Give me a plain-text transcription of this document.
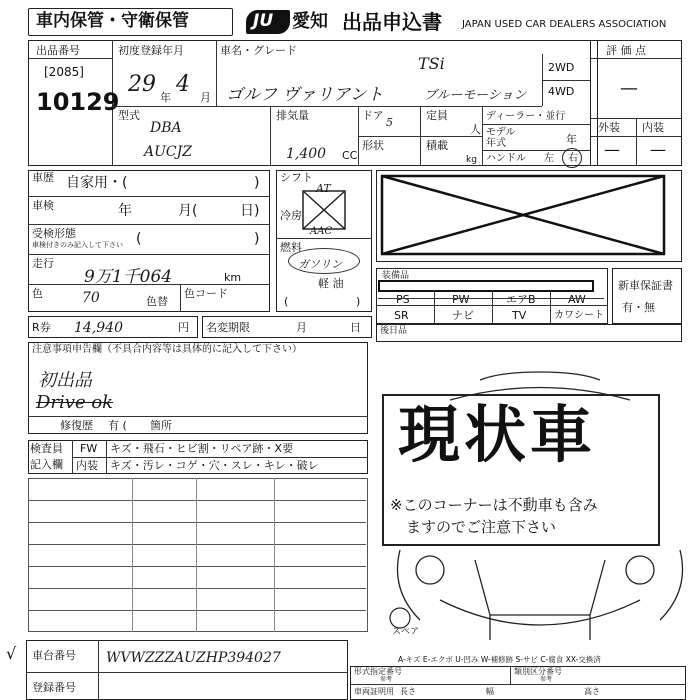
車内保管・守衛保管	JU 愛知 出品申込書 JAPAN USED CAR DEALERS ASSOCIATION
出品番号
[2085]
10129
初度登録年月
29
年
4
月
車名・グレード
TSi
ゴルフ ヴァリアント	ブルーモーション
2WD
4WD
評 価 点
—
外装 内装
— —
型式
DBA
AUCJZ
排気量
1,400 CC
ドア
5
定員
人
形状	積載
kg
ディーラー・並行
モデル
年式	年
ハンドル 左 右
車歴 自家用・(	)
車検	年	月(	日)
受検形態
車検付きのみ記入して下さい (	)
走行
9万1千064	km
色	70	色替
色コード
シフト
AT
冷房
AAC
燃料
ガソリン
軽 油
(	)
装備品
PS	PW	エアB	AW
SR	ナビ	TV	カワシート
新車保証書
有・無
R券 14,940	円 名変期限	月	日 後日品
注意事項申告欄（不具合内容等は具体的に記入して下さい）
初出品
Drive ok
修復歴 有 ( 箇所
検査員
記入欄
FW キズ・飛石・ヒビ割・リペア跡・X要
内装 キズ・汚レ・コゲ・穴・スレ・キレ・破レ 現状車
※このコーナーは不動車も含み
ますのでご注意下さい
スペア
A-キズ E-エクボ U-凹み W-補修跡 S-サビ C-腐食 XX-交換済
√ 車台番号 WVWZZZAUZHP394027
登録番号
形式指定番号
参考
類別区分番号
参考
車両証明用 長さ	幅	高さ
